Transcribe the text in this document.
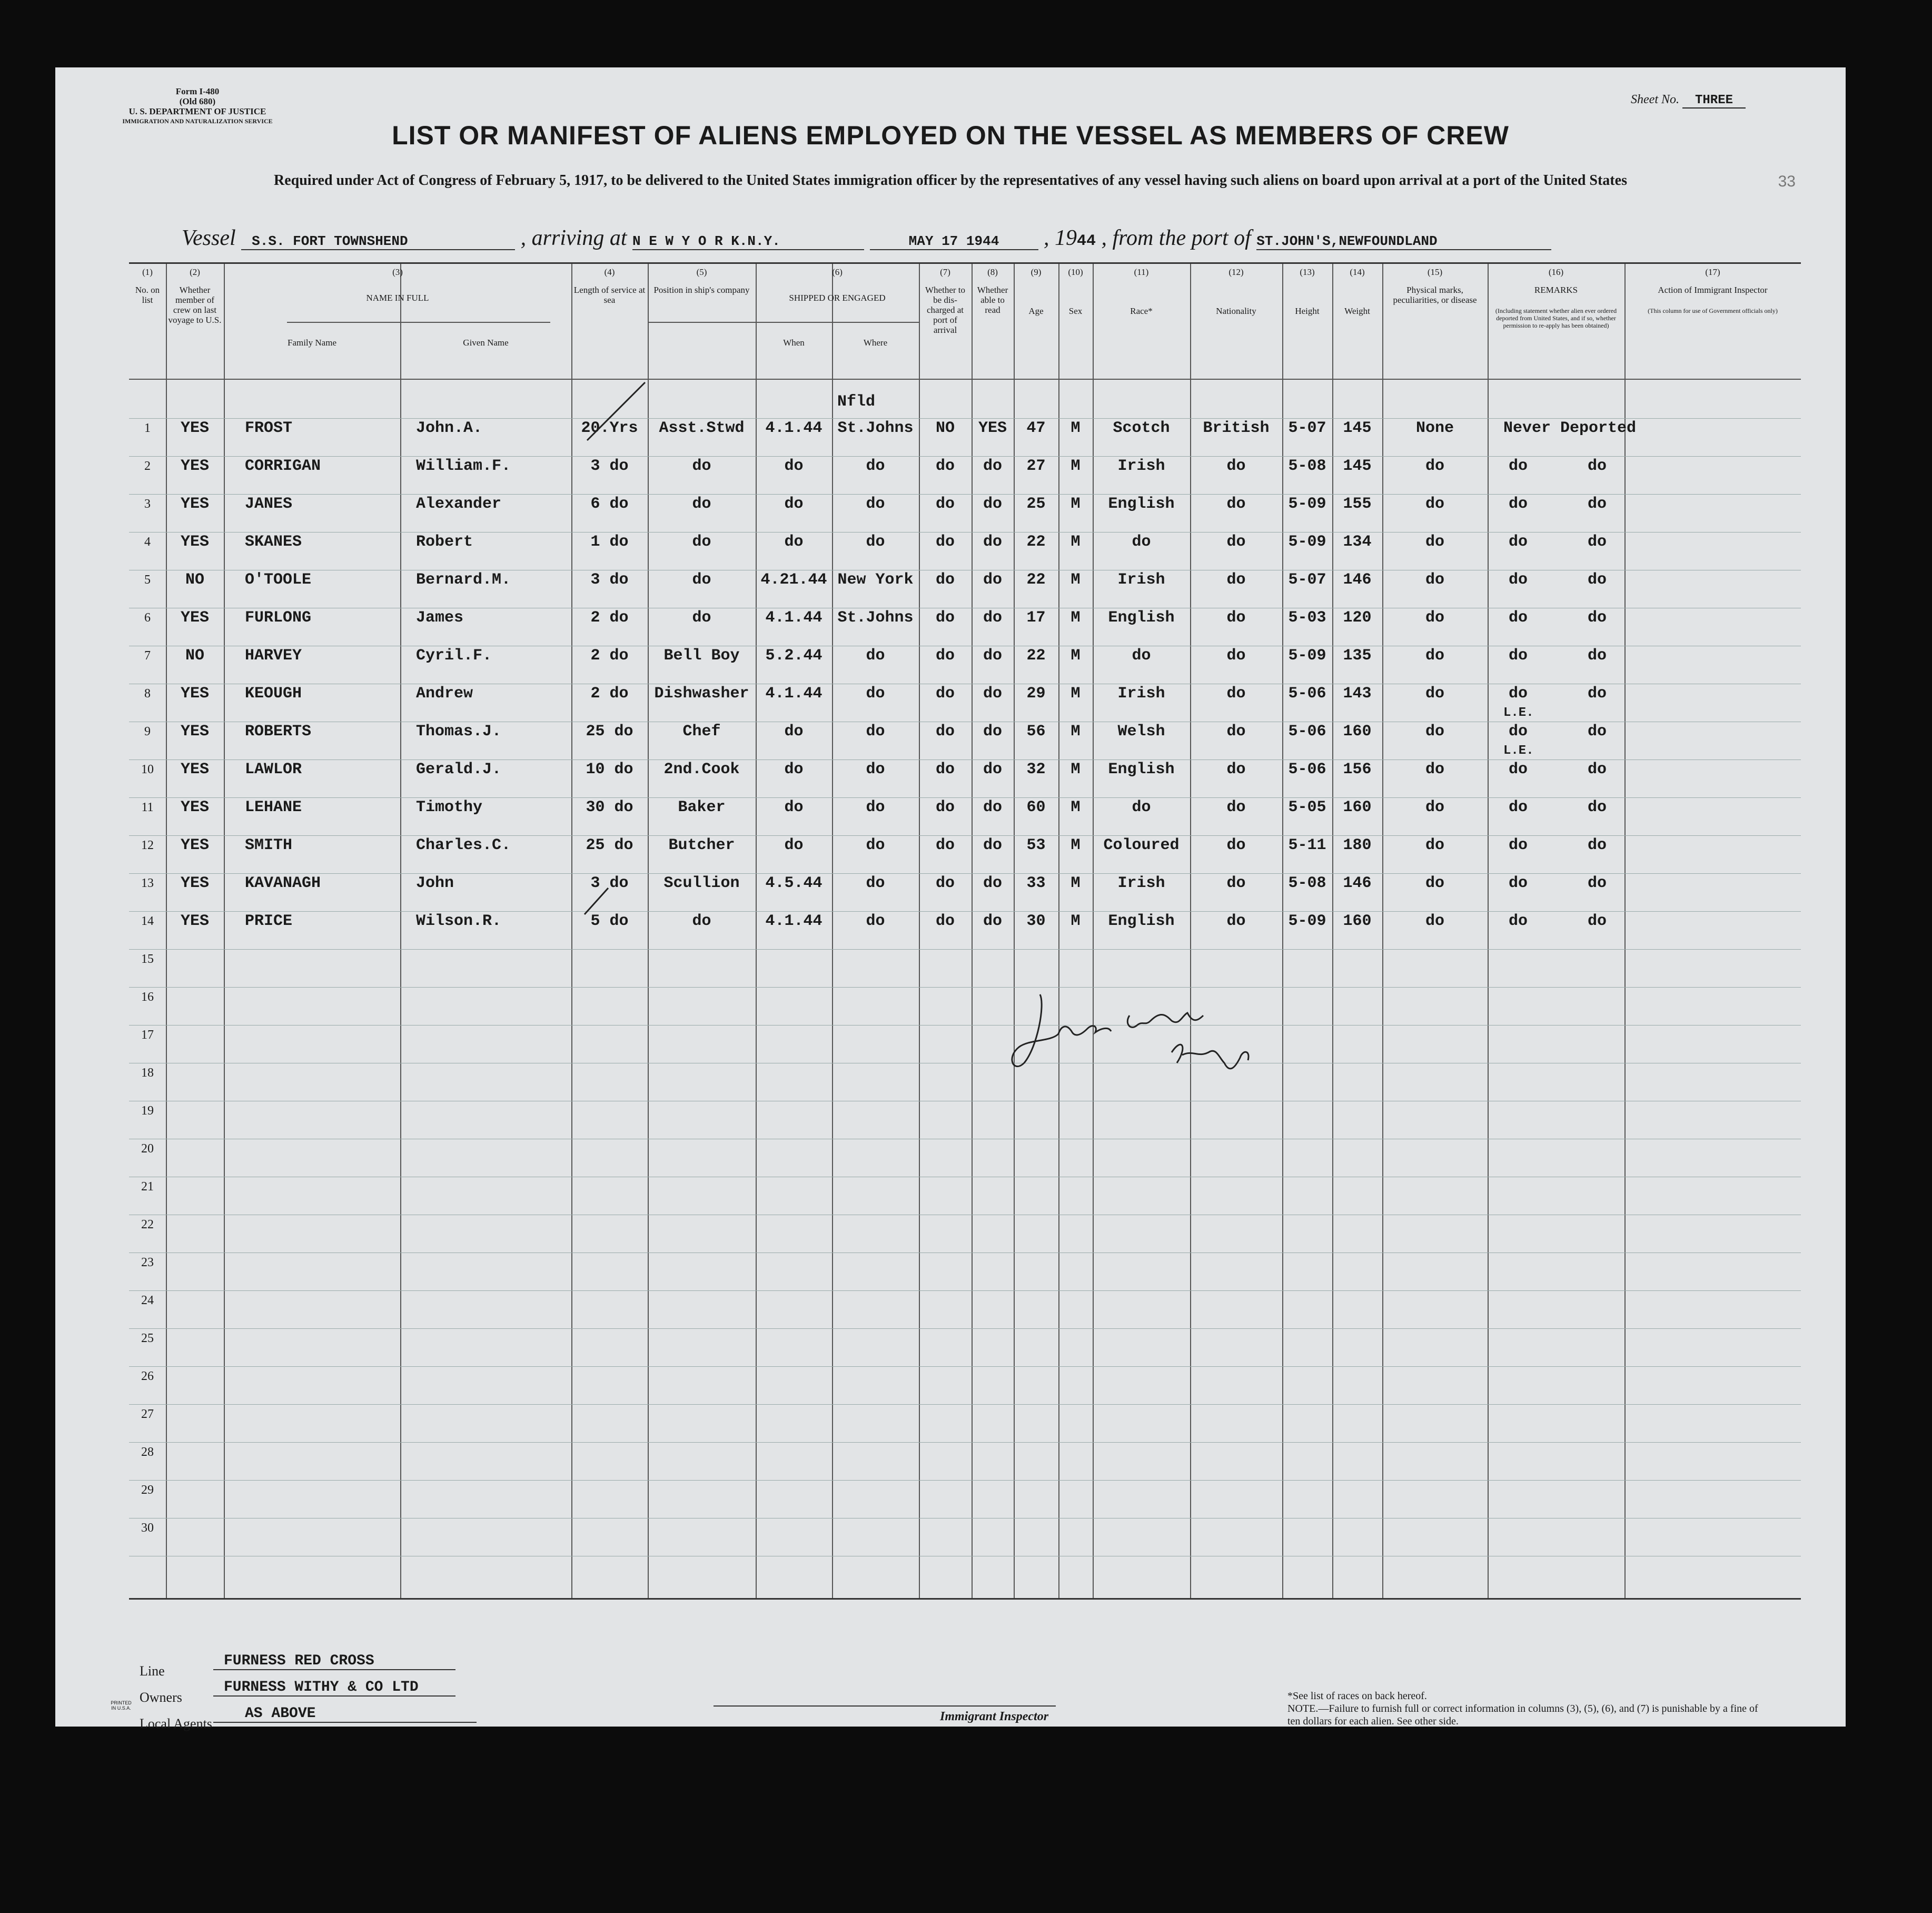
Form I-480
(Old 680)
U. S. DEPARTMENT OF JUSTICE
IMMIGRATION AND NATURALIZATION SERVICE
Sheet No. THREE
33
LIST OR MANIFEST OF ALIENS EMPLOYED ON THE VESSEL AS MEMBERS OF CREW
Required under Act of Congress of February 5, 1917, to be delivered to the United States immigration officer by the representatives of any vessel having such aliens on board upon arrival at a port of the United States
Vessel S.S. FORT TOWNSHEND	, arriving at N E W Y O R K.N.Y.	MAY 17 1944 , 1944 , from the port of ST.JOHN'S,NEWFOUNDLAND
(1)
No. on list
(2)
Whether member of crew on last voyage to U.S.
(3)
NAME IN FULL
Family Name	Given Name
(4)
Length of service at sea
(5)
Position in ship's company
(6)
SHIPPED OR ENGAGED
When	Where
(7)
Whether to be dis-charged at port of arrival
(8)
Whether able to read
(9)
Age
(10)
Sex
(11)
Race*
(12)
Nationality
(13)
Height
(14)
Weight
(15)
Physical marks, peculiarities, or disease
(16)
REMARKS
(Including statement whether alien ever ordered deported from United States, and if so, whether permission to re-apply has been obtained)
(17)
Action of Immigrant Inspector
(This column for use of Government officials only)
Nfld
1	YES	FROST	John.A.	20.Yrs	Asst.Stwd	4.1.44 St.Johns	NO	YES	47	M	Scotch	British	5-07	145	None	Never Deported
2	YES	CORRIGAN	William.F.	3 do	do	do	do	do	do	27	M	Irish	do	5-08	145	do	do	do
3	YES	JANES	Alexander	6 do	do	do	do	do	do	25	M	English	do	5-09	155	do	do	do
4	YES	SKANES	Robert	1 do	do	do	do	do	do	22	M	do	do	5-09	134	do	do	do
5	NO	O'TOOLE	Bernard.M.	3 do	do	4.21.44 New York	do	do	22	M	Irish	do	5-07	146	do	do	do
6	YES	FURLONG	James	2 do	do	4.1.44 St.Johns	do	do	17	M	English	do	5-03	120	do	do	do
7	NO	HARVEY	Cyril.F.	2 do	Bell Boy	5.2.44	do	do	do	22	M	do	do	5-09	135	do	do	do
8	YES	KEOUGH	Andrew	2 do	Dishwasher	4.1.44	do	do	do	29	M	Irish	do	5-06	143	do	do	do
9	YES	ROBERTS	Thomas.J.	25 do	Chef	do	do	do	do	56	M	Welsh	do	5-06	160	do	do	do
10	YES	LAWLOR	Gerald.J.	10 do	2nd.Cook	do	do	do	do	32	M	English	do	5-06	156	do	do	do
11	YES	LEHANE	Timothy	30 do	Baker	do	do	do	do	60	M	do	do	5-05	160	do	do	do
12	YES	SMITH	Charles.C.	25 do	Butcher	do	do	do	do	53	M	Coloured	do	5-11	180	do	do	do
13	YES	KAVANAGH	John	3 do	Scullion	4.5.44	do	do	do	33	M	Irish	do	5-08	146	do	do	do
14	YES	PRICE	Wilson.R.	5 do	do	4.1.44	do	do	do	30	M	English	do	5-09	160	do	do	do
L.E.
L.E.
15
16
17
18
19
20
21
22
23
24
25
26
27
28
29
30
Line
FURNESS RED CROSS
Owners
FURNESS WITHY & CO LTD
Local Agents
AS ABOVE	Immigrant Inspector
*See list of races on back hereof.
NOTE.—Failure to furnish full or correct information in columns (3), (5), (6), and (7) is punishable by a fine of ten dollars for each alien. See other side.
PRINTED IN U.S.A.
